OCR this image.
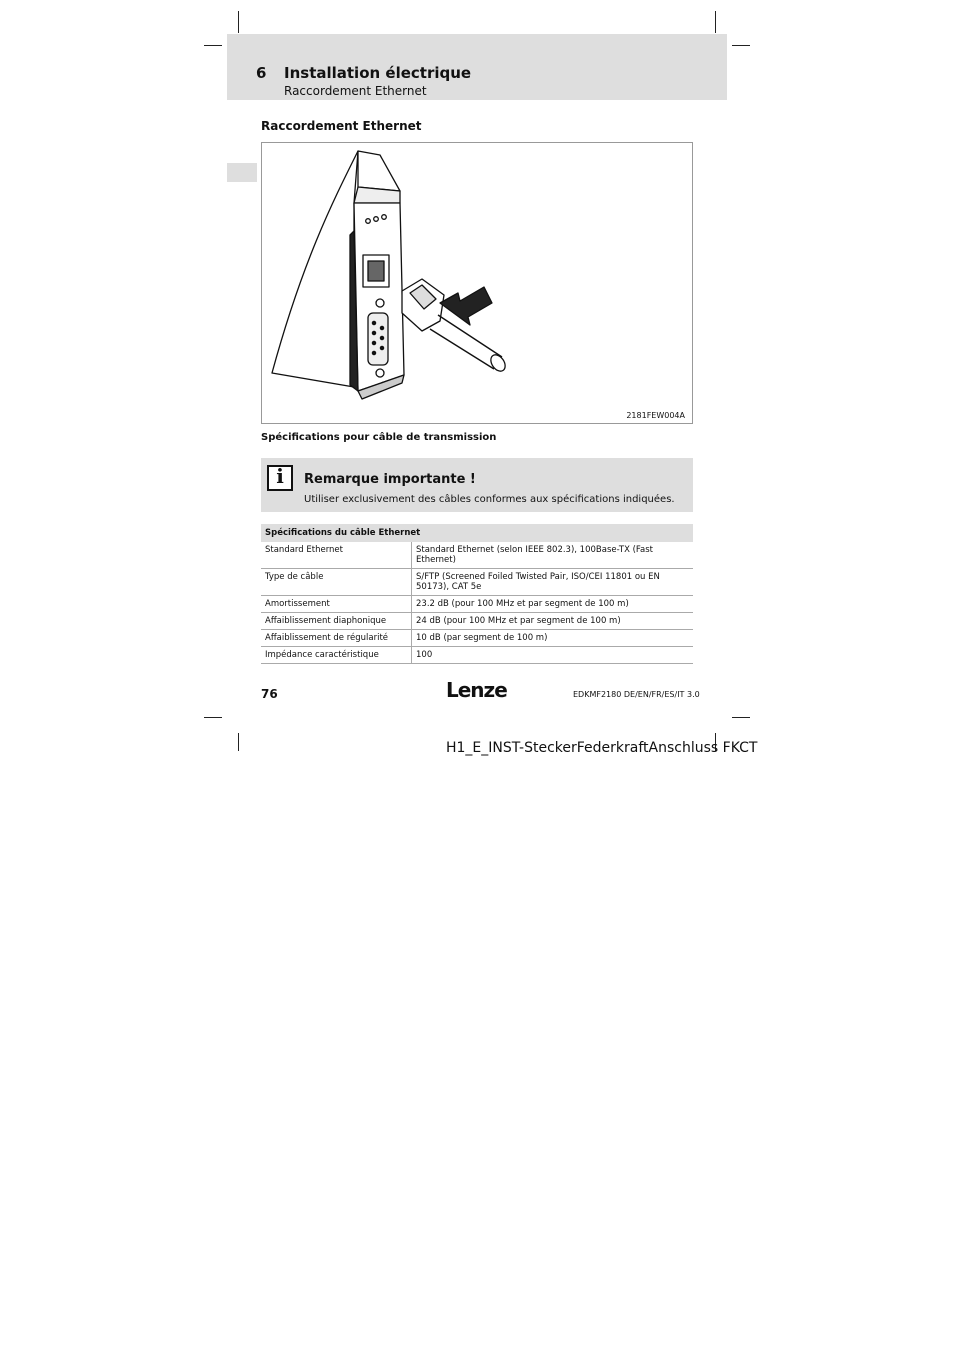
6 Installation électrique
Raccordement Ethernet
Raccordement Ethernet
2181FEW004A
Spécifications pour câble de transmission
i	Remarque importante !
Utiliser exclusivement des câbles conformes aux spécifications indiquées.
Spécifications du câble Ethernet	
Standard Ethernet	Standard Ethernet (selon IEEE 802.3), 100Base-TX (Fast Ethernet)
Type de câble	S/FTP (Screened Foiled Twisted Pair, ISO/CEI 11801 ou EN 50173), CAT 5e
Amortissement	23.2 dB (pour 100 MHz et par segment de 100 m)
Affaiblissement diaphonique	24 dB (pour 100 MHz et par segment de 100 m)
Affaiblissement de régularité	10 dB (par segment de 100 m)
Impédance caractéristique	100
76	Lenze	EDKMF2180 DE/EN/FR/ES/IT 3.0
H1_E_INST-SteckerFederkraftAnschluss FKCT
